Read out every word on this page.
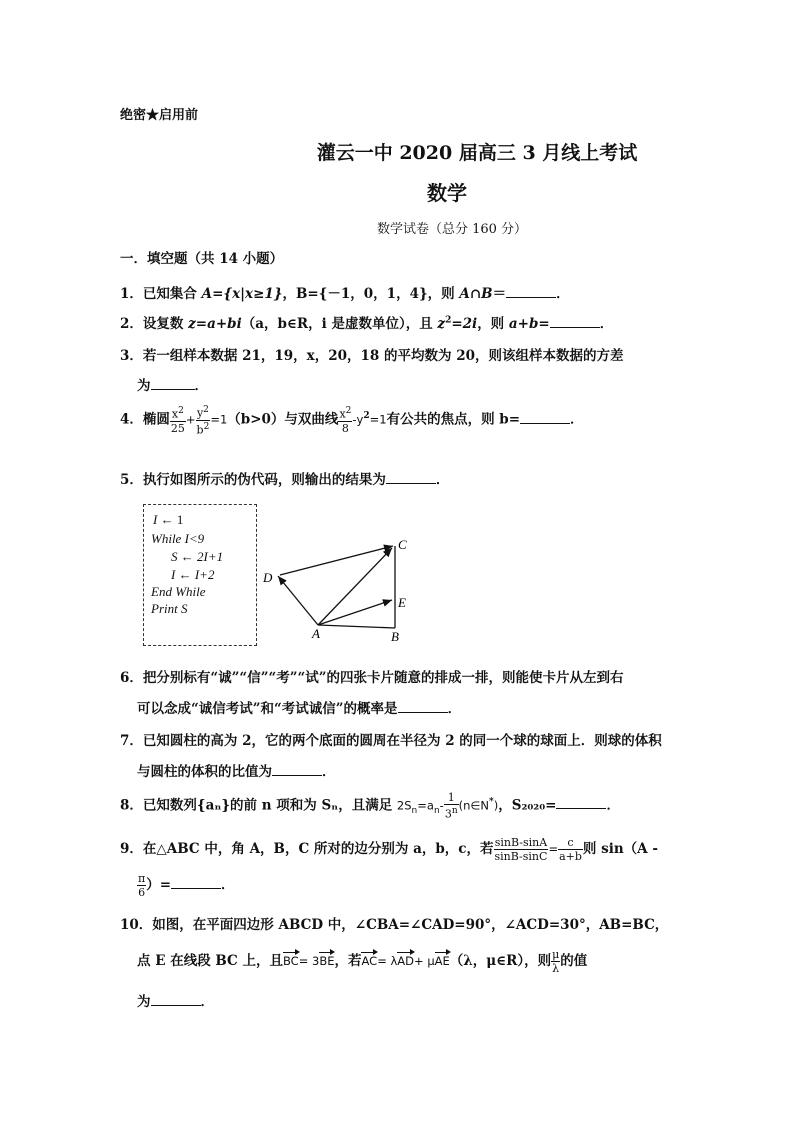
绝密★启用前
灌云一中 2020 届高三 3 月线上考试
数学
数学试卷（总分 160 分）
一．填空题（共 14 小题）
1．已知集合 A={x|x≥1}，B={－1，0，1，4}，则 A∩B＝	．
2．设复数 z=a+bi（a，b∈R，i 是虚数单位），且 $z^2=2i$，则 a+b=	．
3．若一组样本数据 21，19，x，20，18 的平均数为 20，则该组样本数据的方差
为	．
4．椭圆 $\frac{x^2}{25} + \frac{y^2}{b^2} =1(b>0)$与双曲线 $\frac{x^2}{8} -y^2=1$有公共的焦点，则 b=	．
5．执行如图所示的伪代码，则输出的结果为	．
I ← 1
While I<9
S ← 2I+1
I ← I+2
End While
Print S
A	B
C
D
E
6．把分别标有“诚”“信”“考”“试”的四张卡片随意的排成一排，则能使卡片从左到右
可以念成“诚信考试”和“考试诚信”的概率是	．
7．已知圆柱的高为 2，它的两个底面的圆周在半径为 2 的同一个球的球面上．则球的体积
与圆柱的体积的比值为	．
8．已知数列{aₙ}的前 n 项和为 Sₙ，且满足 $2S_n=a_n- \frac{1}{3^n}$ (n∈N*)，S₂₀₂₀=	．
9．在△ABC 中，角 A，B，C 所对的边分别为 a，b，c，若 $\frac{\sin B-\sin A}{\sin B-\sin C} = \frac{c}{a+b}$ 则 sin（A -
$\frac{\pi}{6}$ ）=	．
10．如图，在平面四边形 ABCD 中，∠CBA=∠CAD=90°，∠ACD=30°，AB=BC，
点 E 在线段 BC 上，且BC= 3BE，若AC= λAD+ μAE（λ，μ∈R），则 $\frac{\mu}{\lambda}$ 的值
为	．
